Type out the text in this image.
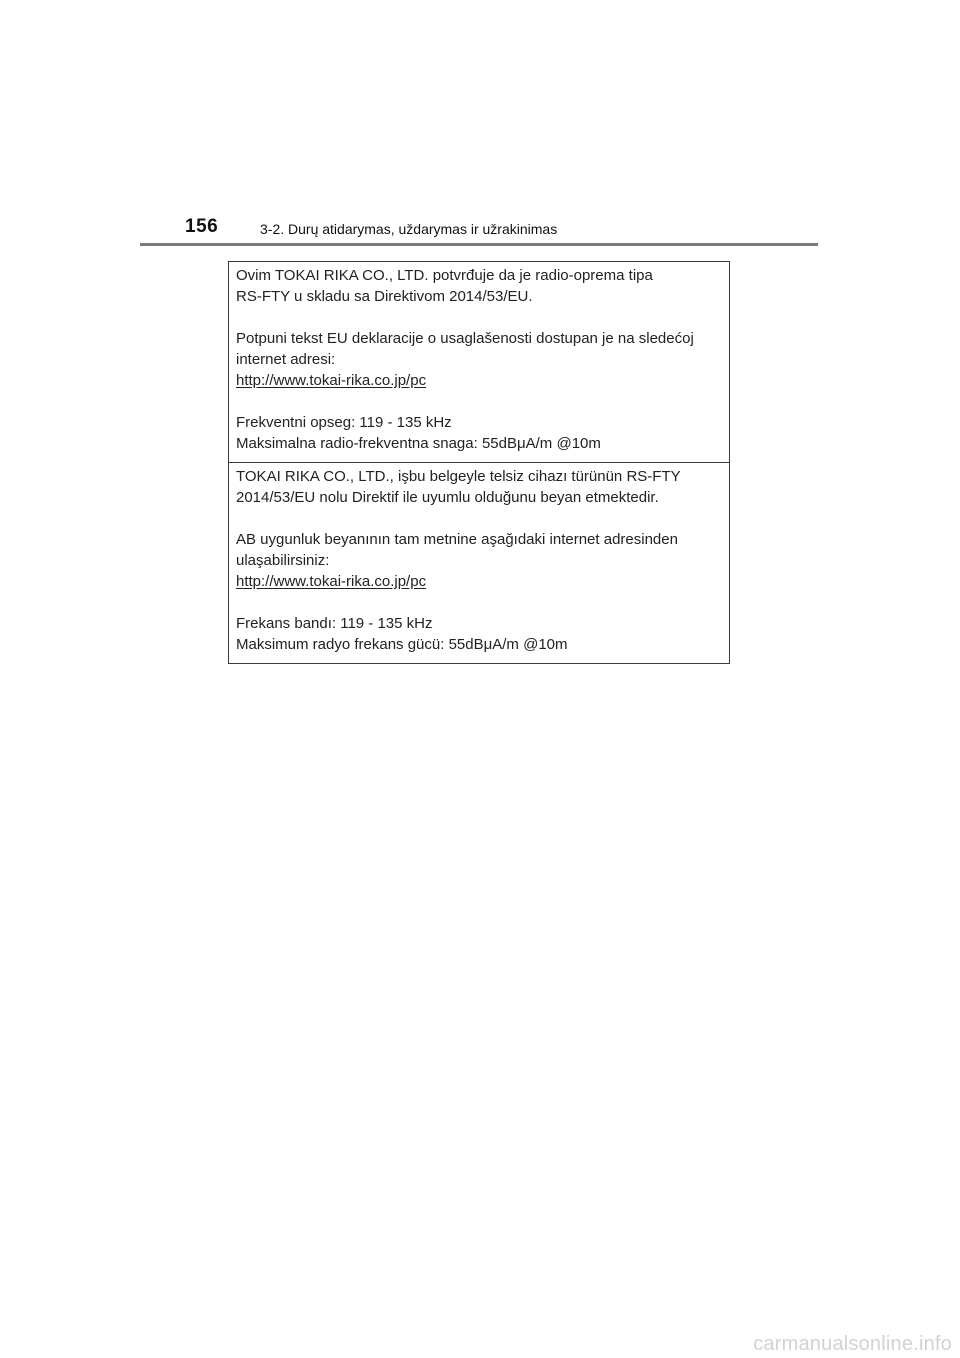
156	3-2. Durų atidarymas, uždarymas ir užrakinimas

Ovim TOKAI RIKA CO., LTD. potvrđuje da je radio-oprema tipa

RS-FTY u skladu sa Direktivom 2014/53/EU.

Potpuni tekst EU deklaracije o usaglašenosti dostupan je na sledećoj

internet adresi:

http://www.tokai-rika.co.jp/pc

Frekventni opseg: 119 - 135 kHz

Maksimalna radio-frekventna snaga: 55dBμA/m @10m

TOKAI RIKA CO., LTD., işbu belgeyle telsiz cihazı türünün RS-FTY

2014/53/EU nolu Direktif ile uyumlu olduğunu beyan etmektedir.

AB uygunluk beyanının tam metnine aşağıdaki internet adresinden

ulaşabilirsiniz:

http://www.tokai-rika.co.jp/pc

Frekans bandı: 119 - 135 kHz

Maksimum radyo frekans gücü: 55dBμA/m @10m

carmanualsonline.info
